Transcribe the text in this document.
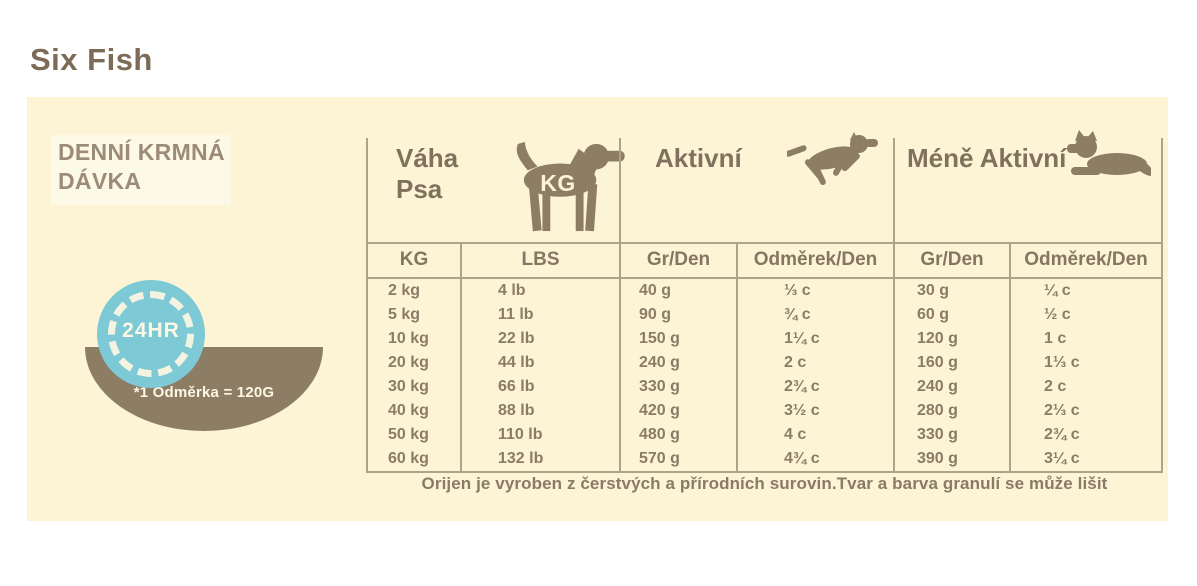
Six Fish
DENNÍ KRMNÁ
DÁVKA
*1 Odměrka = 120G
24HR
Váha
Psa	KG
Aktivní	Méně Aktivní
KG	LBS	Gr/Den	Odměrek/Den	Gr/Den	Odměrek/Den
2 kg	4 lb	40 g	⅓ c	30 g	¼ c
5 kg	11 lb	90 g	¾ c	60 g	½ c
10 kg	22 lb	150 g	1¼ c	120 g	1 c
20 kg	44 lb	240 g	2 c	160 g	1⅓ c
30 kg	66 lb	330 g	2¾ c	240 g	2 c
40 kg	88 lb	420 g	3½ c	280 g	2⅓ c
50 kg	110 lb	480 g	4 c	330 g	2¾ c
60 kg	132 lb	570 g	4¾ c	390 g	3¼ c
Orijen je vyroben z čerstvých a přírodních surovin.Tvar a barva granulí se může lišit
